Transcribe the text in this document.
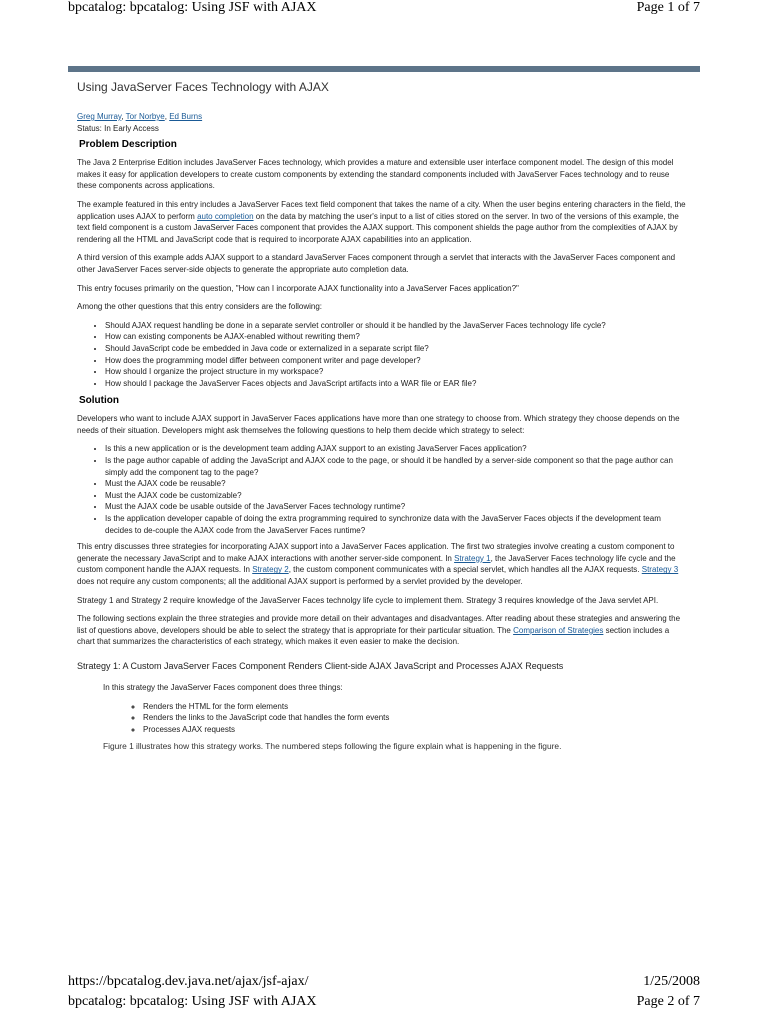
bpcatalog: bpcatalog: Using JSF with AJAX	Page 1 of 7
Using JavaServer Faces Technology with AJAX
Greg Murray, Tor Norbye, Ed Burns
Status: In Early Access
Problem Description

The Java 2 Enterprise Edition includes JavaServer Faces technology, which provides a mature and extensible user interface component model. The design of this model makes it easy for application developers to create custom components by extending the standard components included with JavaServer Faces technology and to reuse these components across applications.

The example featured in this entry includes a JavaServer Faces text field component that takes the name of a city. When the user begins entering characters in the field, the application uses AJAX to perform auto completion on the data by matching the user's input to a list of cities stored on the server. In two of the versions of this example, the text field component is a custom JavaServer Faces component that provides the AJAX support. This component shields the page author from the complexities of AJAX by rendering all the HTML and JavaScript code that is required to incorporate AJAX capabilities into an application.

A third version of this example adds AJAX support to a standard JavaServer Faces component through a servlet that interacts with the JavaServer Faces component and other JavaServer Faces server-side objects to generate the appropriate auto completion data.

This entry focuses primarily on the question, "How can I incorporate AJAX functionality into a JavaServer Faces application?"

Among the other questions that this entry considers are the following:

• Should AJAX request handling be done in a separate servlet controller or should it be handled by the JavaServer Faces technology life cycle?
• How can existing components be AJAX-enabled without rewriting them?
• Should JavaScript code be embedded in Java code or externalized in a separate script file?
• How does the programming model differ between component writer and page developer?
• How should I organize the project structure in my workspace?
• How should I package the JavaServer Faces objects and JavaScript artifacts into a WAR file or EAR file?
Solution

Developers who want to include AJAX support in JavaServer Faces applications have more than one strategy to choose from. Which strategy they choose depends on the needs of their situation. Developers might ask themselves the following questions to help them decide which strategy to select:

• Is this a new application or is the development team adding AJAX support to an existing JavaServer Faces application?
• Is the page author capable of adding the JavaScript and AJAX code to the page, or should it be handled by a server-side component so that the page author can simply add the component tag to the page?
• Must the AJAX code be reusable?
• Must the AJAX code be customizable?
• Must the AJAX code be usable outside of the JavaServer Faces technology runtime?
• Is the application developer capable of doing the extra programming required to synchronize data with the JavaServer Faces objects if the development team decides to de-couple the AJAX code from the JavaServer Faces runtime?

This entry discusses three strategies for incorporating AJAX support into a JavaServer Faces application. The first two strategies involve creating a custom component to generate the necessary JavaScript and to make AJAX interactions with another server-side component. In Strategy 1, the JavaServer Faces technology life cycle and the custom component handle the AJAX requests. In Strategy 2, the custom component communicates with a special servlet, which handles all the AJAX requests. Strategy 3 does not require any custom components; all the additional AJAX support is performed by a servlet provided by the developer.

Strategy 1 and Strategy 2 require knowledge of the JavaServer Faces technolgy life cycle to implement them. Strategy 3 requires knowledge of the Java servlet API.

The following sections explain the three strategies and provide more detail on their advantages and disadvantages. After reading about these strategies and answering the list of questions above, developers should be able to select the strategy that is appropriate for their particular situation. The Comparison of Strategies section includes a chart that summarizes the characteristics of each strategy, which makes it even easier to make the decision.

Strategy 1: A Custom JavaServer Faces Component Renders Client-side AJAX JavaScript and Processes AJAX Requests

In this strategy the JavaServer Faces component does three things:

◦ Renders the HTML for the form elements
◦ Renders the links to the JavaScript code that handles the form events
◦ Processes AJAX requests

Figure 1 illustrates how this strategy works. The numbered steps following the figure explain what is happening in the figure.

https://bpcatalog.dev.java.net/ajax/jsf-ajax/	1/25/2008
bpcatalog: bpcatalog: Using JSF with AJAX	Page 2 of 7
